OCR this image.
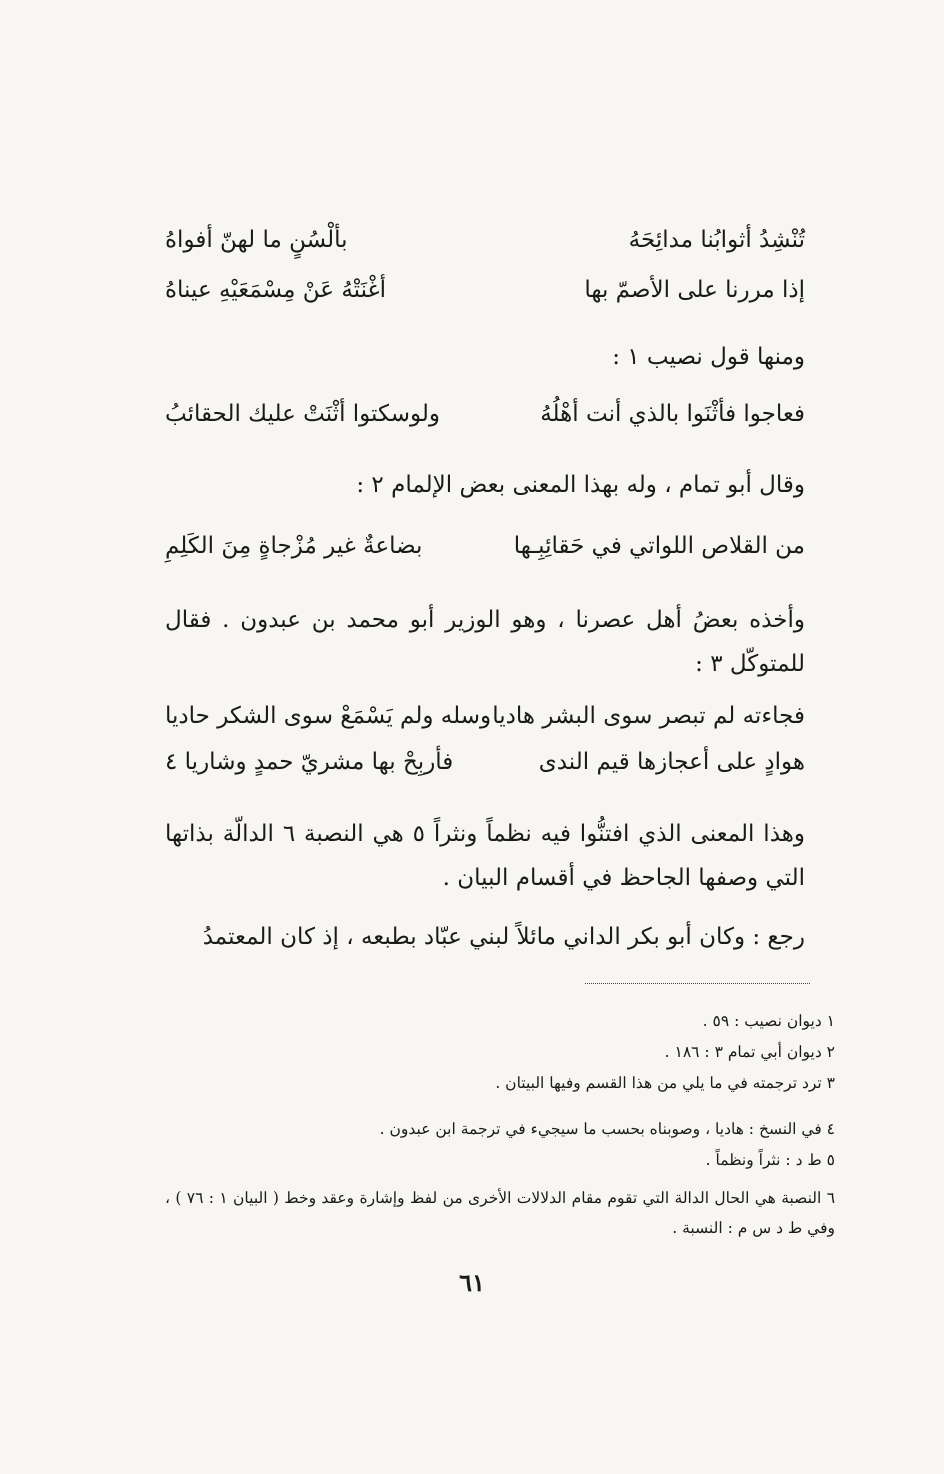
تُنْشِدُ أثوابُنا مدائِحَهُ
بألْسُنٍ ما لهنّ أفواهُ
إذا مررنا على الأصمّ بها
أغْنَتْهُ عَنْ مِسْمَعَيْهِ عيناهُ
ومنها قول نصيب ١ :
فعاجوا فأثْنَوا بالذي أنت أهْلُهُ
ولوسكتوا أثْنَتْ عليك الحقائبُ
وقال أبو تمام ، وله بهذا المعنى بعض الإلمام ٢ :
من القلاص اللواتي في حَقائِبِـها
بضاعةٌ غير مُزْجاةٍ مِنَ الكَلِمِ
وأخذه بعضُ أهل عصرنا ، وهو الوزير أبو محمد بن عبدون . فقال للمتوكّل ٣ :
فجاءته لم تبصر سوى البشر هاديا
وسله ولم يَسْمَعْ سوى الشكر حاديا
هوادٍ على أعجازها قيم الندى
فأربِحْ بها مشريّ حمدٍ وشاريا ٤
وهذا المعنى الذي افتنُّوا فيه نظماً ونثراً ٥ هي النصبة ٦ الدالّة بذاتها التي وصفها الجاحظ في أقسام البيان .
رجع : وكان أبو بكر الداني مائلاً لبني عبّاد بطبعه ، إذ كان المعتمدُ
١ ديوان نصيب : ٥٩ .
٢ ديوان أبي تمام ٣ : ١٨٦ .
٣ ترد ترجمته في ما يلي من هذا القسم وفيها البيتان .
٤ في النسخ : هاديا ، وصوبناه بحسب ما سيجيء في ترجمة ابن عبدون .
٥ ط د : نثراً ونظماً .
٦ النصبة هي الحال الدالة التي تقوم مقام الدلالات الأخرى من لفظ وإشارة وعقد وخط ( البيان ١ : ٧٦ ) ، وفي ط د س م : النسبة .
٦١
